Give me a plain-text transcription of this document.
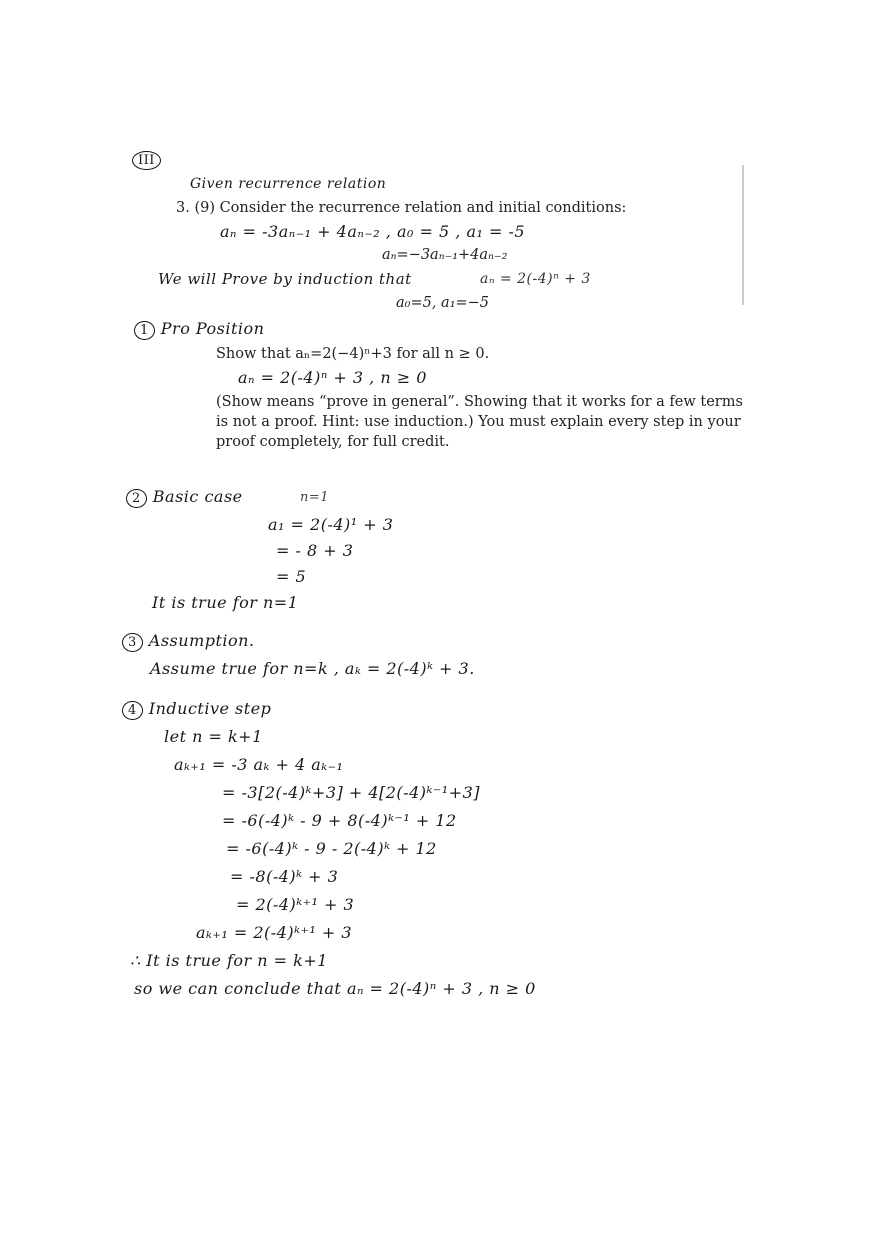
III
Given recurrence relation
3. (9) Consider the recurrence relation and initial conditions:
aₙ = -3aₙ₋₁ + 4aₙ₋₂ , a₀ = 5 , a₁ = -5
aₙ=−3aₙ₋₁+4aₙ₋₂
We will Prove by induction that	aₙ = 2(-4)ⁿ + 3
a₀=5, a₁=−5
1 Pro Position
Show that aₙ=2(−4)ⁿ+3 for all n ≥ 0.
aₙ = 2(-4)ⁿ + 3 , n ≥ 0
(Show means “prove in general”. Showing that it works for a few terms is not a proof. Hint: use induction.) You must explain every step in your proof completely, for full credit.
2 Basic case	n=1
a₁ = 2(-4)¹ + 3
= - 8 + 3
= 5
It is true for n=1
3 Assumption.
Assume true for n=k , aₖ = 2(-4)ᵏ + 3.
4 Inductive step
let n = k+1
aₖ₊₁ = -3 aₖ + 4 aₖ₋₁
= -3[2(-4)ᵏ+3] + 4[2(-4)ᵏ⁻¹+3]
= -6(-4)ᵏ - 9 + 8(-4)ᵏ⁻¹ + 12
= -6(-4)ᵏ - 9 - 2(-4)ᵏ + 12
= -8(-4)ᵏ + 3
= 2(-4)ᵏ⁺¹ + 3
aₖ₊₁ = 2(-4)ᵏ⁺¹ + 3
∴ It is true for n = k+1
so we can conclude that aₙ = 2(-4)ⁿ + 3 , n ≥ 0
